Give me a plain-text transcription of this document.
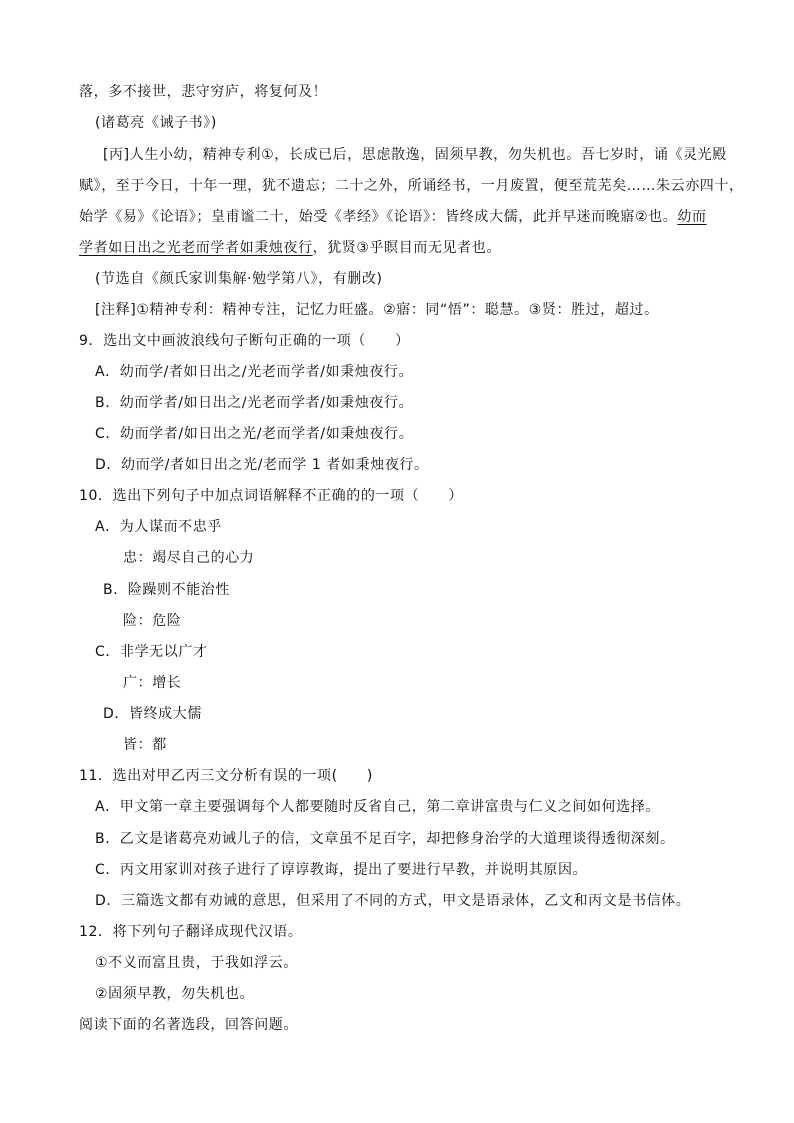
落，多不接世，悲守穷庐，将复何及！
(诸葛亮《诫子书》)
[丙]人生小幼，精神专利①，长成已后，思虑散逸，固须早教，勿失机也。吾七岁时，诵《灵光殿
赋》，至于今日，十年一理，犹不遗忘；二十之外，所诵经书，一月废置，便至荒芜矣……朱云亦四十，
始学《易》《论语》；皇甫谧二十，始受《孝经》《论语》：皆终成大儒，此并早迷而晚寤②也。幼而
学者如日出之光老而学者如秉烛夜行，犹贤③乎瞑目而无见者也。
(节选自《颜氏家训集解·勉学第八》，有删改)
[注释]①精神专利：精神专注，记忆力旺盛。②寤：同“悟”：聪慧。③贤：胜过，超过。
9．选出文中画波浪线句子断句正确的一项（　　）
A．幼而学/者如日出之/光老而学者/如秉烛夜行。
B．幼而学者/如日出之/光老而学者/如秉烛夜行。
C．幼而学者/如日出之光/老而学者/如秉烛夜行。
D．幼而学/者如日出之光/老而学 1 者如秉烛夜行。
10．选出下列句子中加点词语解释不正确的的一项（　　）
A．为人谋而不忠乎
忠：竭尽自己的心力
B．险躁则不能治性
险：危险
C．非学无以广才
广：增长
D．皆终成大儒
皆：都
11．选出对甲乙丙三文分析有误的一项(　　)
A．甲文第一章主要强调每个人都要随时反省自己，第二章讲富贵与仁义之间如何选择。
B．乙文是诸葛亮劝诫儿子的信，文章虽不足百字，却把修身治学的大道理谈得透彻深刻。
C．丙文用家训对孩子进行了谆谆教诲，提出了要进行早教，并说明其原因。
D．三篇选文都有劝诫的意思，但采用了不同的方式，甲文是语录体，乙文和丙文是书信体。
12．将下列句子翻译成现代汉语。
①不义而富且贵，于我如浮云。
②固须早教，勿失机也。
阅读下面的名著选段，回答问题。
